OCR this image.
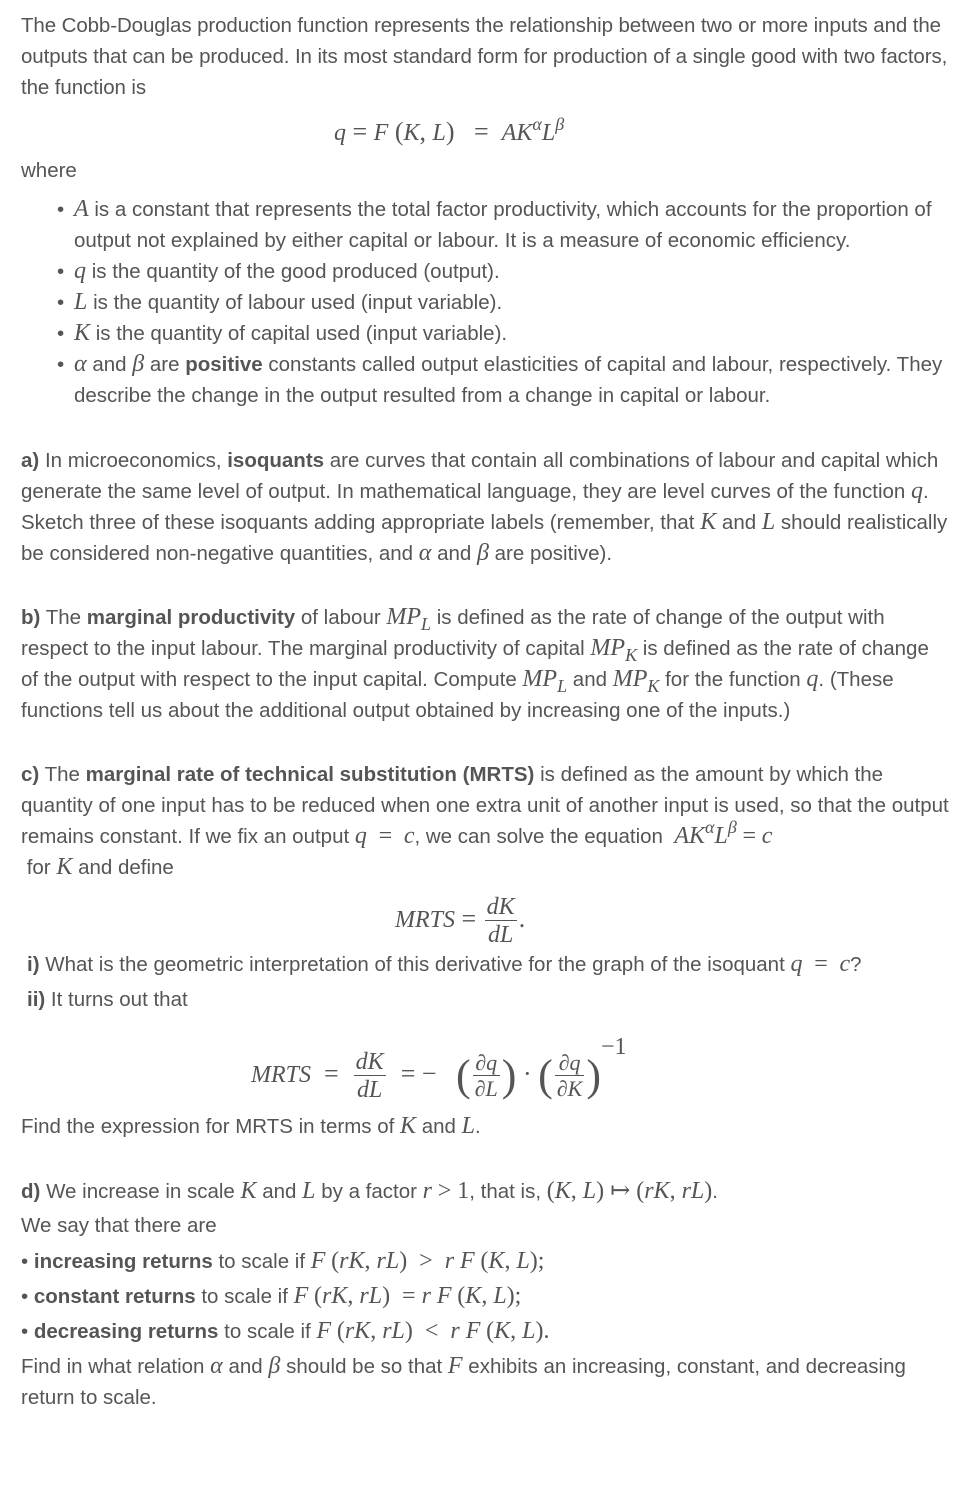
The Cobb-Douglas production function represents the relationship between two or more inputs and the outputs that can be produced. In its most standard form for production of a single good with two factors, the function is

q = F (K, $L) = AK^\alpha L^\beta$

where

• A is a constant that represents the total factor productivity, which accounts for the proportion of output not explained by either capital or labour. It is a measure of economic efficiency.
• q is the quantity of the good produced (output).
• L is the quantity of labour used (input variable).
• K is the quantity of capital used (input variable).
• α and β are positive constants called output elasticities of capital and labour, respectively. They describe the change in the output resulted from a change in capital or labour.

a) In microeconomics, isoquants are curves that contain all combinations of labour and capital which generate the same level of output. In mathematical language, they are level curves of the function q. Sketch three of these isoquants adding appropriate labels (remember, that K and L should realistically be considered non-negative quantities, and α and β are positive).

b) The marginal productivity of labour $MP_L$ is defined as the rate of change of the output with respect to the input labour. The marginal productivity of capital $MP_K$ is defined as the rate of change of the output with respect to the input capital. Compute $MP_L$ and $MP_K$ for the function q. (These functions tell us about the additional output obtained by increasing one of the inputs.)

c) The marginal rate of technical substitution (MRTS) is defined as the amount by which the quantity of one input has to be reduced when one extra unit of another input is used, so that the output remains constant. If we fix an output q  =  c, we can solve the equation $AK^\alpha L^\beta = c$
for K and define

MRTS = $\frac{dK}{dL}$ .

i) What is the geometric interpretation of this derivative for the graph of the isoquant q  =  c?

ii) It turns out that

MRTS  = $\frac{dK}{dL}$ = −   ( $\frac{\partial q}{\partial L}$ ) · ( $\frac{\partial q}{\partial K} )-1$

Find the expression for MRTS in terms of K and L.

d) We increase in scale K and L by a factor r > 1, that is, (K, L) ↦ (rK, rL).

We say that there are

• increasing returns to scale if F (rK, rL)  >  r F (K, L);

• constant returns to scale if F (rK, rL)  = r F (K, L);

• decreasing returns to scale if F (rK, rL)  <  r F (K, L).

Find in what relation α and β should be so that F exhibits an increasing, constant, and decreasing return to scale.
